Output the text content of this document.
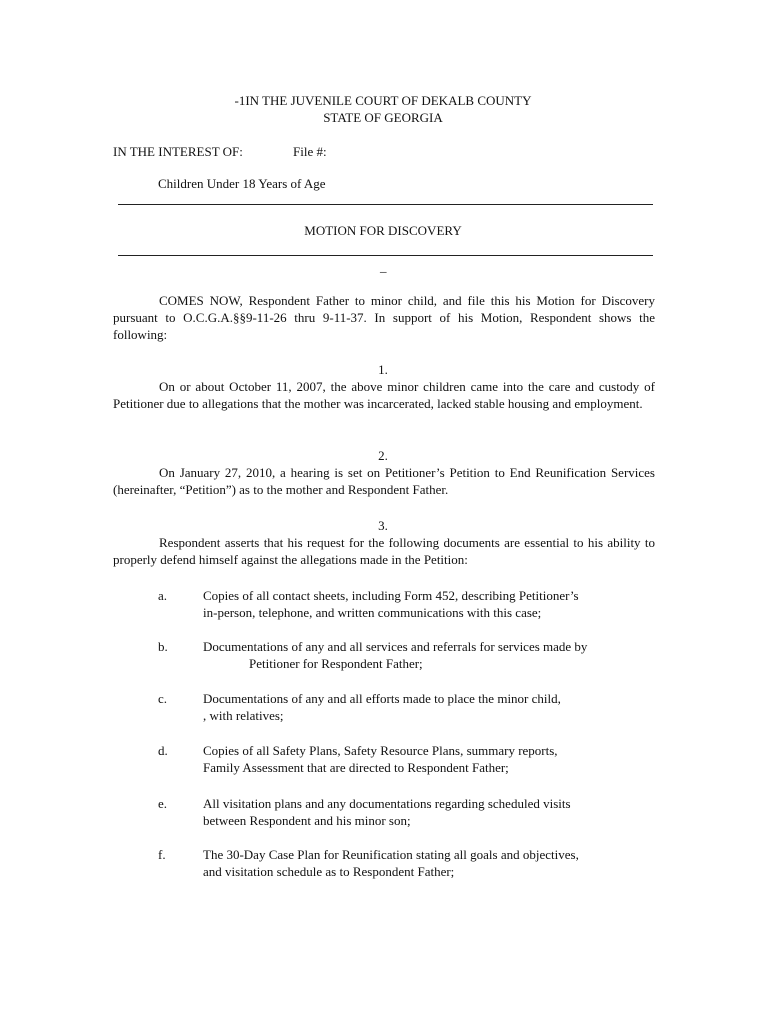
-1IN THE JUVENILE COURT OF DEKALB COUNTY

STATE OF GEORGIA

IN THE INTEREST OF:	File #:

Children Under 18 Years of Age

MOTION FOR DISCOVERY

_

COMES NOW, Respondent Father to minor child, and file this his Motion for Discovery pursuant to O.C.G.A.§§9-11-26 thru 9-11-37. In support of his Motion, Respondent shows the following:

1.

On or about October 11, 2007, the above minor children came into the care and custody of Petitioner due to allegations that the mother was incarcerated, lacked stable housing and employment.

2.

On January 27, 2010, a hearing is set on Petitioner’s Petition to End Reunification Services (hereinafter, “Petition”) as to the mother and Respondent Father.

3.

Respondent asserts that his request for the following documents are essential to his ability to properly defend himself against the allegations made in the Petition:

a.	Copies of all contact sheets, including Form 452, describing Petitioner’s
in-person, telephone, and written communications with this case;
b.	Documentations of any and all services and referrals for services made by
Petitioner for Respondent Father;
c.	Documentations of any and all efforts made to place the minor child,
, with relatives;
d.	Copies of all Safety Plans, Safety Resource Plans, summary reports,
Family Assessment that are directed to Respondent Father;
e.	All visitation plans and any documentations regarding scheduled visits
between Respondent and his minor son;
f.	The 30-Day Case Plan for Reunification stating all goals and objectives,
and visitation schedule as to Respondent Father;
